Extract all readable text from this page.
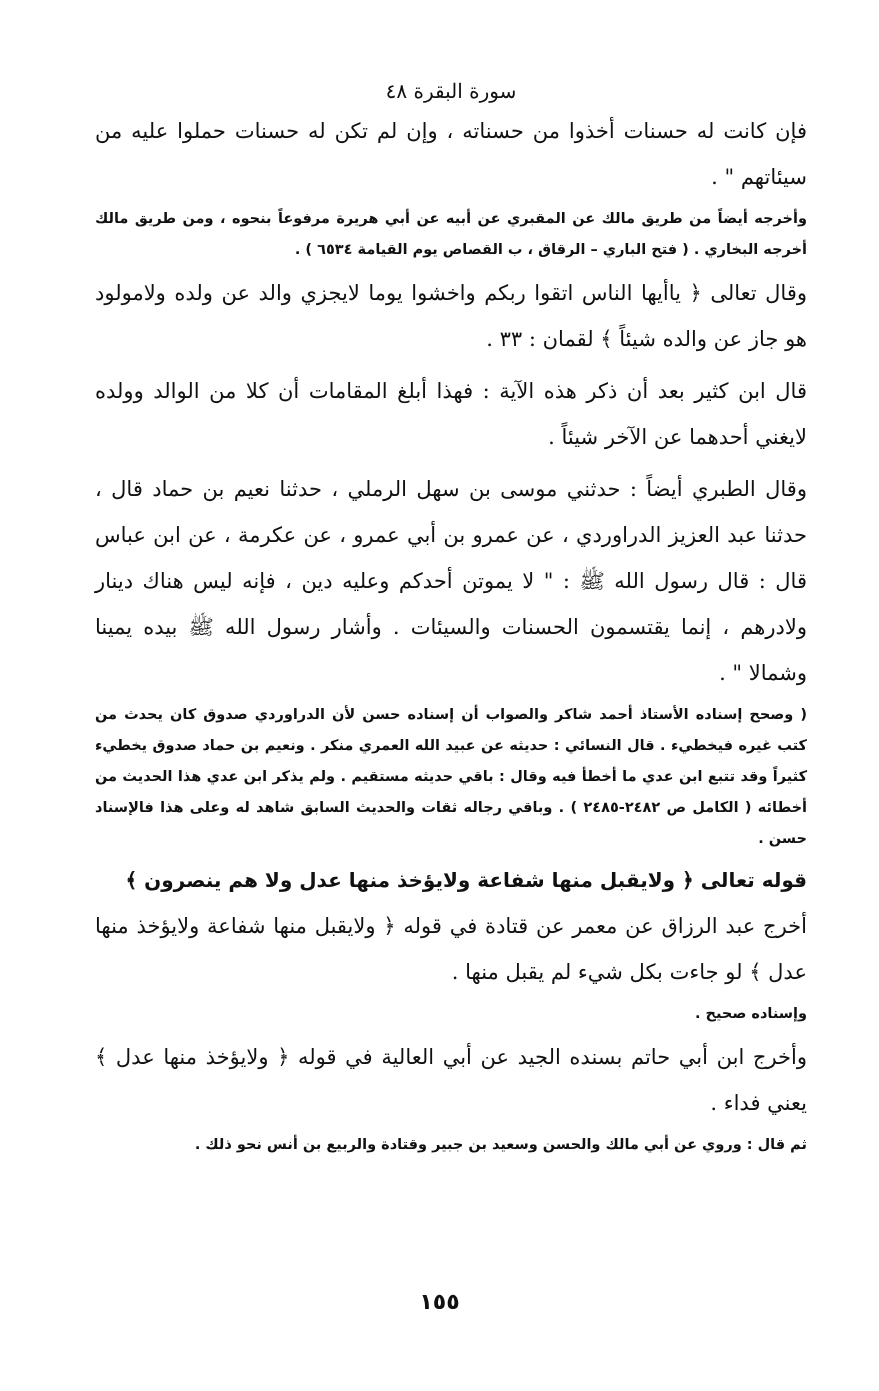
سورة البقرة ٤٨

فإن كانت له حسنات أخذوا من حسناته ، وإن لم تكن له حسنات حملوا عليه من سيئاتهم " .

وأخرجه أيضاً من طريق مالك عن المقبري عن أبيه عن أبي هريرة مرفوعاً بنحوه ، ومن طريق مالك أخرجه البخاري . ( فتح الباري – الرقاق ، ب القصاص يوم القيامة ٦٥٣٤ ) .

وقال تعالى ﴿ ياأيها الناس اتقوا ربكم واخشوا يوما لايجزي والد عن ولده ولامولود هو جاز عن والده شيئاً ﴾ لقمان : ٣٣ .

قال ابن كثير بعد أن ذكر هذه الآية : فهذا أبلغ المقامات أن كلا من الوالد وولده لايغني أحدهما عن الآخر شيئاً .

وقال الطبري أيضاً : حدثني موسى بن سهل الرملي ، حدثنا نعيم بن حماد قال ، حدثنا عبد العزيز الدراوردي ، عن عمرو بن أبي عمرو ، عن عكرمة ، عن ابن عباس قال : قال رسول الله ﷺ : " لا يموتن أحدكم وعليه دين ، فإنه ليس هناك دينار ولادرهم ، إنما يقتسمون الحسنات والسيئات . وأشار رسول الله ﷺ بيده يمينا وشمالا " .

( وصحح إسناده الأستاذ أحمد شاكر والصواب أن إسناده حسن لأن الدراوردي صدوق كان يحدث من كتب غيره فيخطيء . قال النسائي : حديثه عن عبيد الله العمري منكر . ونعيم بن حماد صدوق يخطيء كثيراً وقد تتبع ابن عدي ما أخطأ فيه وقال : باقي حديثه مستقيم . ولم يذكر ابن عدي هذا الحديث من أخطائه ( الكامل ص ٢٤٨٢-٢٤٨٥ ) . وباقي رجاله ثقات والحديث السابق شاهد له وعلى هذا فالإسناد حسن .
قوله تعالى ﴿ ولايقبل منها شفاعة ولايؤخذ منها عدل ولا هم ينصرون ﴾

أخرج عبد الرزاق عن معمر عن قتادة في قوله ﴿ ولايقبل منها شفاعة ولايؤخذ منها عدل ﴾ لو جاءت بكل شيء لم يقبل منها .

وإسناده صحيح .

وأخرج ابن أبي حاتم بسنده الجيد عن أبي العالية في قوله ﴿ ولايؤخذ منها عدل ﴾ يعني فداء .

ثم قال : وروي عن أبي مالك والحسن وسعيد بن جبير وقتادة والربيع بن أنس نحو ذلك .
١٥٥
